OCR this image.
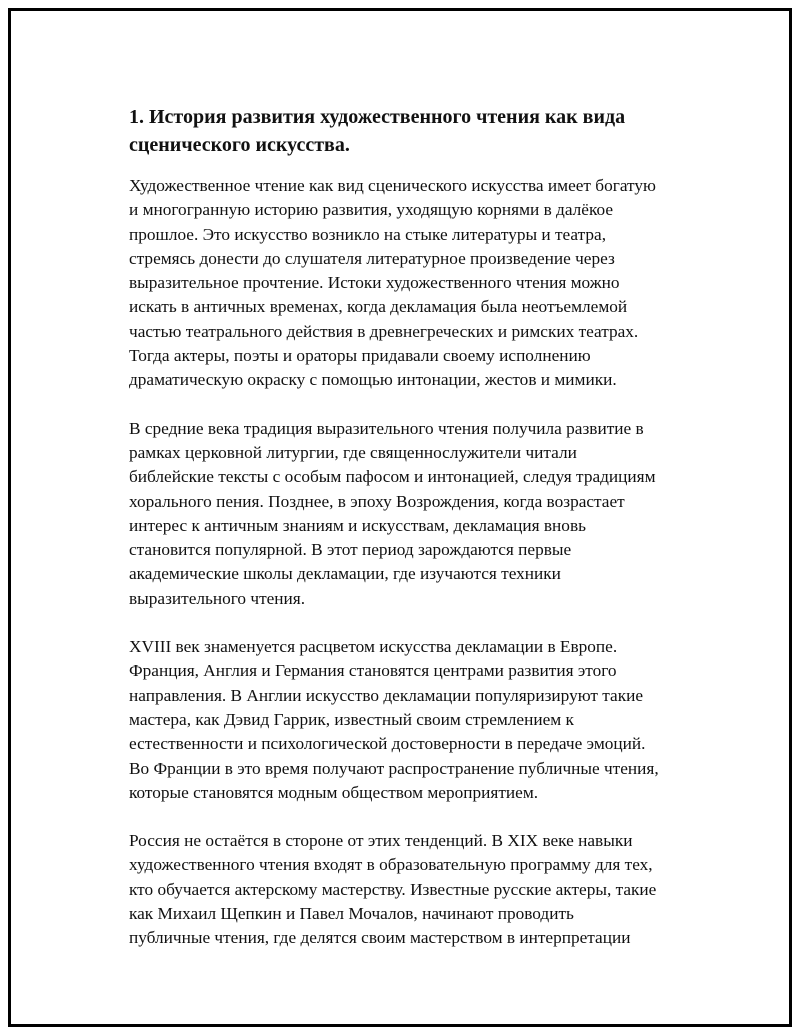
1. История развития художественного чтения как вида
сценического искусства.
Художественное чтение как вид сценического искусства имеет богатую
и многогранную историю развития, уходящую корнями в далёкое
прошлое. Это искусство возникло на стыке литературы и театра,
стремясь донести до слушателя литературное произведение через
выразительное прочтение. Истоки художественного чтения можно
искать в античных временах, когда декламация была неотъемлемой
частью театрального действия в древнегреческих и римских театрах.
Тогда актеры, поэты и ораторы придавали своему исполнению
драматическую окраску с помощью интонации, жестов и мимики.
В средние века традиция выразительного чтения получила развитие в
рамках церковной литургии, где священнослужители читали
библейские тексты с особым пафосом и интонацией, следуя традициям
хорального пения. Позднее, в эпоху Возрождения, когда возрастает
интерес к античным знаниям и искусствам, декламация вновь
становится популярной. В этот период зарождаются первые
академические школы декламации, где изучаются техники
выразительного чтения.
XVIII век знаменуется расцветом искусства декламации в Европе.
Франция, Англия и Германия становятся центрами развития этого
направления. В Англии искусство декламации популяризируют такие
мастера, как Дэвид Гаррик, известный своим стремлением к
естественности и психологической достоверности в передаче эмоций.
Во Франции в это время получают распространение публичные чтения,
которые становятся модным обществом мероприятием.
Россия не остаётся в стороне от этих тенденций. В XIX веке навыки
художественного чтения входят в образовательную программу для тех,
кто обучается актерскому мастерству. Известные русские актеры, такие
как Михаил Щепкин и Павел Мочалов, начинают проводить
публичные чтения, где делятся своим мастерством в интерпретации
